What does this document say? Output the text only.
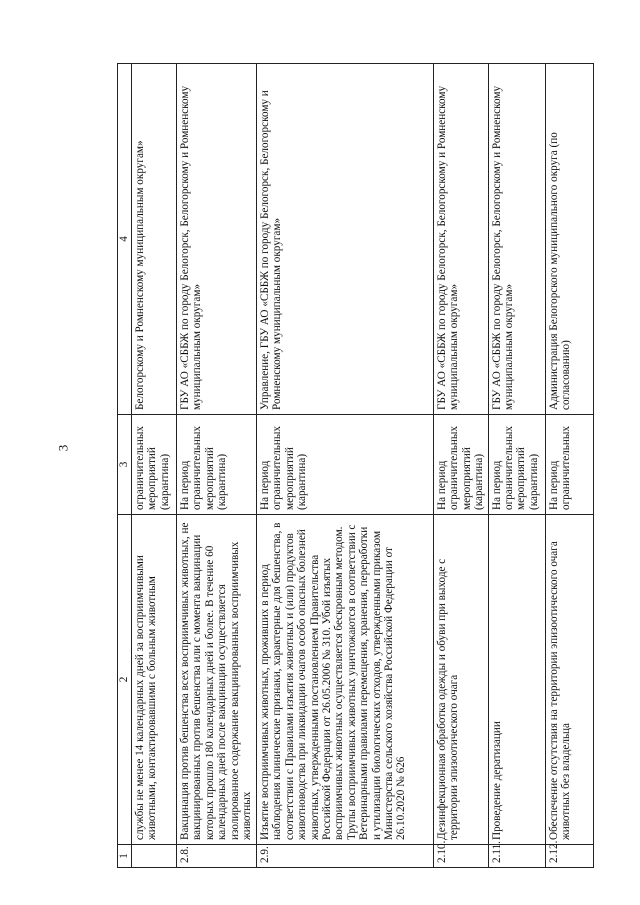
3
1	2	3	4
	службы не менее 14 календарных дней за восприимчивыми животными, контактировавшими с больным животным	ограничительных мероприятий (карантина)	Белогорскому и Ромненскому муниципальным округам»
2.8.	Вакцинация против бешенства всех восприимчивых животных, не вакцинированных против бешенства или с момента вакцинации которых прошло 180 календарных дней и более. В течение 60 календарных дней после вакцинации осуществляется изолированное содержание вакцинированных восприимчивых животных	На период ограничительных мероприятий (карантина)	ГБУ АО «СББЖ по городу Белогорск, Белогорскому и Ромненскому муниципальным округам»
2.9.	Изъятие восприимчивых животных, проживших в период наблюдения клинические признаки, характерные для бешенства, в соответствии с Правилами изъятия животных и (или) продуктов животноводства при ликвидации очагов особо опасных болезней животных, утвержденными постановлением Правительства Российской Федерации от 26.05.2006 № 310. Убой изъятых восприимчивых животных осуществляется бескровным методом. Трупы восприимчивых животных уничтожаются в соответствии с Ветеринарными правилами перемещения, хранения, переработки и утилизации биологических отходов, утвержденными приказом Министерства сельского хозяйства Российской Федерации от 26.10.2020 № 626	На период ограничительных мероприятий (карантина)	Управление, ГБУ АО «СББЖ по городу Белогорск, Белогорскому и Ромненскому муниципальным округам»
2.10.	Дезинфекционная обработка одежды и обуви при выходе с территории эпизоотического очага	На период ограничительных мероприятий (карантина)	ГБУ АО «СББЖ по городу Белогорск, Белогорскому и Ромненскому муниципальным округам»
2.11.	Проведение дератизации	На период ограничительных мероприятий (карантина)	ГБУ АО «СББЖ по городу Белогорск, Белогорскому и Ромненскому муниципальным округам»
2.12.	Обеспечение отсутствия на территории эпизоотического очага животных без владельца	На период ограничительных	Администрация Белогорского муниципального округа (по согласованию)
